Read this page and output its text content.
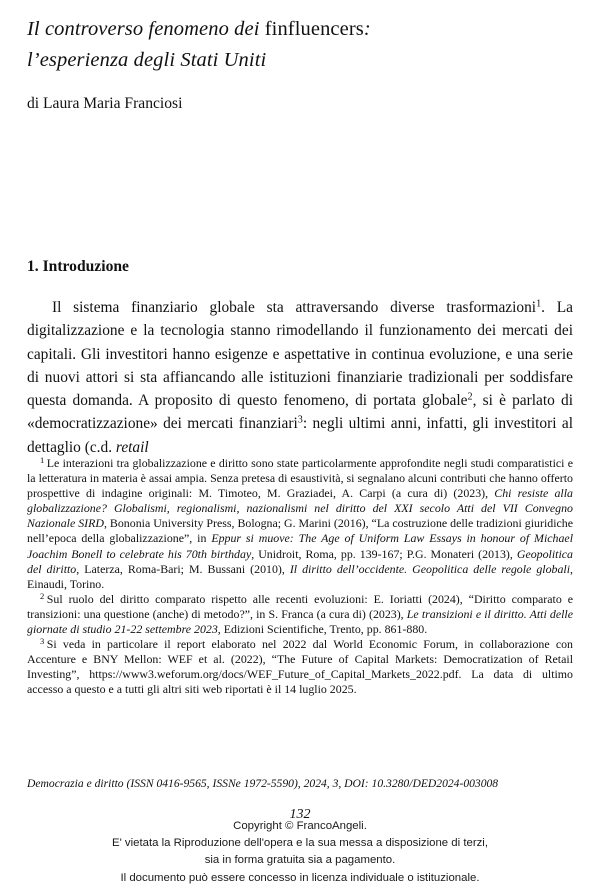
Il controverso fenomeno dei finfluencers:
l’esperienza degli Stati Uniti
di Laura Maria Franciosi
1. Introduzione

Il sistema finanziario globale sta attraversando diverse trasformazioni$^1$. La digitalizzazione e la tecnologia stanno rimodellando il funzionamento dei mercati dei capitali. Gli investitori hanno esigenze e aspettative in continua evoluzione, e una serie di nuovi attori si sta affiancando alle istituzioni finanziarie tradizionali per soddisfare questa domanda. A proposito di questo fenomeno, di portata globale$^2$, si è parlato di «democratizzazione» dei mercati finanziari$^3$: negli ultimi anni, infatti, gli investitori al dettaglio (c.d. retail

$^1$ Le interazioni tra globalizzazione e diritto sono state particolarmente approfondite negli studi comparatistici e la letteratura in materia è assai ampia. Senza pretesa di esaustività, si segnalano alcuni contributi che hanno offerto prospettive di indagine originali: M. Timoteo, M. Graziadei, A. Carpi (a cura di) (2023), Chi resiste alla globalizzazione? Globalismi, regionalismi, nazionalismi nel diritto del XXI secolo Atti del VII Convegno Nazionale SIRD, Bononia University Press, Bologna; G. Marini (2016), “La costruzione delle tradizioni giuridiche nell’epoca della globalizzazione”, in Eppur si muove: The Age of Uniform Law Essays in honour of Michael Joachim Bonell to celebrate his 70th birthday, Unidroit, Roma, pp. 139-167; P.G. Monateri (2013), Geopolitica del diritto, Laterza, Roma-Bari; M. Bussani (2010), Il diritto dell’occidente. Geopolitica delle regole globali, Einaudi, Torino.

$^2$ Sul ruolo del diritto comparato rispetto alle recenti evoluzioni: E. Ioriatti (2024), “Diritto comparato e transizioni: una questione (anche) di metodo?”, in S. Franca (a cura di) (2023), Le transizioni e il diritto. Atti delle giornate di studio 21-22 settembre 2023, Edizioni Scientifiche, Trento, pp. 861-880.

$^3$ Si veda in particolare il report elaborato nel 2022 dal World Economic Forum, in collaborazione con Accenture e BNY Mellon: WEF et al. (2022), “The Future of Capital Markets: Democratization of Retail Investing”, https://www3.weforum.org/docs/WEF_Future_of_Capital_Markets_2022.pdf. La data di ultimo accesso a questo e a tutti gli altri siti web riportati è il 14 luglio 2025.

Democrazia e diritto (ISSN 0416-9565, ISSNe 1972-5590), 2024, 3, DOI: 10.3280/DED2024-003008
132
Copyright © FrancoAngeli.
E' vietata la Riproduzione dell'opera e la sua messa a disposizione di terzi,
sia in forma gratuita sia a pagamento.
Il documento può essere concesso in licenza individuale o istituzionale.
